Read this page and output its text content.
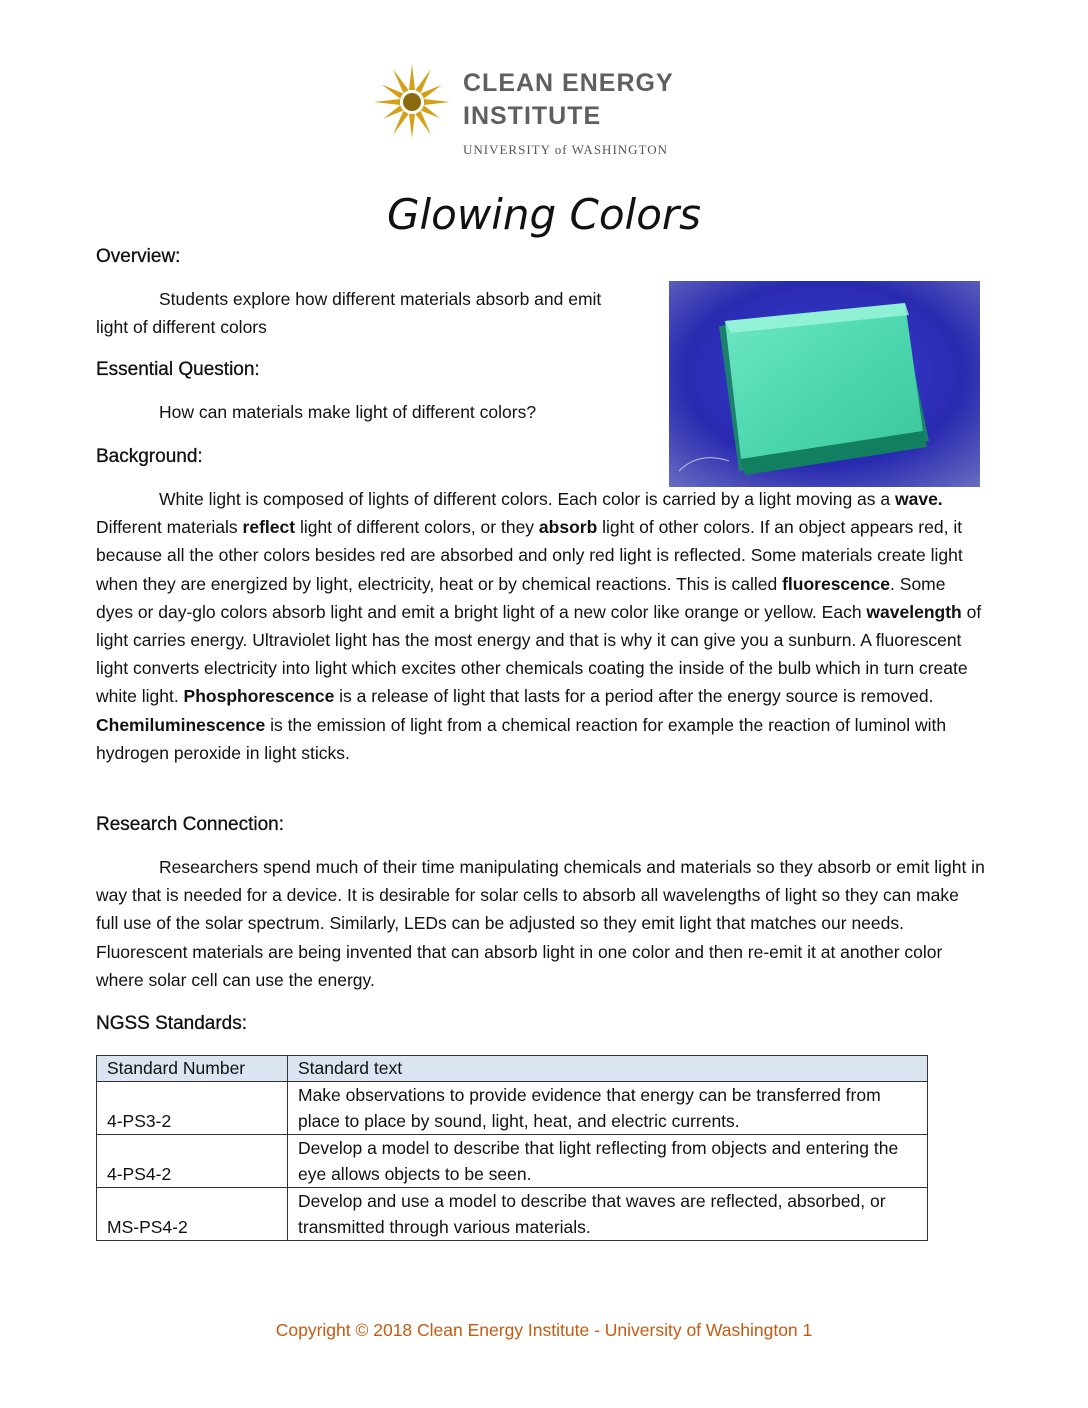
CLEAN ENERGY
INSTITUTE
UNIVERSITY of WASHINGTON
Glowing Colors
Overview:
Students explore how different materials absorb and emit light of different colors
Essential Question:
How can materials make light of different colors?
Background:
White light is composed of lights of different colors. Each color is carried by a light moving as a wave. Different materials reflect light of different colors, or they absorb light of other colors. If an object appears red, it because all the other colors besides red are absorbed and only red light is reflected. Some materials create light when they are energized by light, electricity, heat or by chemical reactions. This is called fluorescence. Some dyes or day-glo colors absorb light and emit a bright light of a new color like orange or yellow. Each wavelength of light carries energy. Ultraviolet light has the most energy and that is why it can give you a sunburn. A fluorescent light converts electricity into light which excites other chemicals coating the inside of the bulb which in turn create white light. Phosphorescence is a release of light that lasts for a period after the energy source is removed. Chemiluminescence is the emission of light from a chemical reaction for example the reaction of luminol with hydrogen peroxide in light sticks.
Research Connection:
Researchers spend much of their time manipulating chemicals and materials so they absorb or emit light in way that is needed for a device. It is desirable for solar cells to absorb all wavelengths of light so they can make full use of the solar spectrum. Similarly, LEDs can be adjusted so they emit light that matches our needs. Fluorescent materials are being invented that can absorb light in one color and then re-emit it at another color where solar cell can use the energy.
NGSS Standards:
Standard Number	Standard text
4-PS3-2	Make observations to provide evidence that energy can be transferred from place to place by sound, light, heat, and electric currents.
4-PS4-2	Develop a model to describe that light reflecting from objects and entering the eye allows objects to be seen.
MS-PS4-2	Develop and use a model to describe that waves are reflected, absorbed, or transmitted through various materials.
Copyright © 2018 Clean Energy Institute - University of Washington 1
